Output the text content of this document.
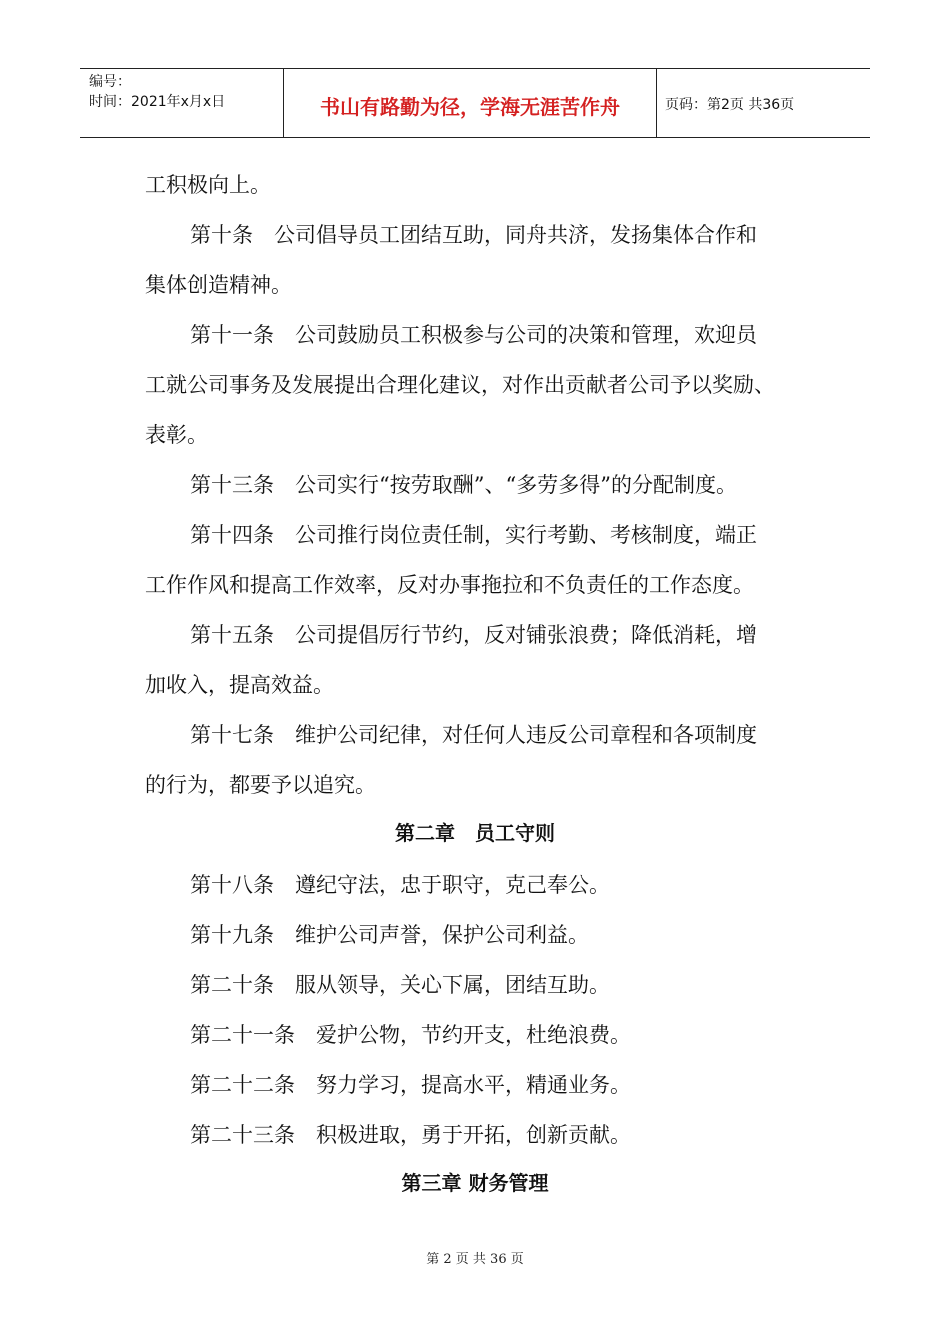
编号：
时间：2021年x月x日	书山有路勤为径，学海无涯苦作舟	页码：第2页 共36页
工积极向上。
第十条　公司倡导员工团结互助，同舟共济，发扬集体合作和
集体创造精神。
第十一条　公司鼓励员工积极参与公司的决策和管理，欢迎员
工就公司事务及发展提出合理化建议，对作出贡献者公司予以奖励、
表彰。
第十三条　公司实行“按劳取酬”、“多劳多得”的分配制度。
第十四条　公司推行岗位责任制，实行考勤、考核制度，端正
工作作风和提高工作效率，反对办事拖拉和不负责任的工作态度。
第十五条　公司提倡厉行节约，反对铺张浪费；降低消耗，增
加收入，提高效益。
第十七条　维护公司纪律，对任何人违反公司章程和各项制度
的行为，都要予以追究。
第二章　员工守则
第十八条　遵纪守法，忠于职守，克己奉公。
第十九条　维护公司声誉，保护公司利益。
第二十条　服从领导，关心下属，团结互助。
第二十一条　爱护公物，节约开支，杜绝浪费。
第二十二条　努力学习，提高水平，精通业务。
第二十三条　积极进取，勇于开拓，创新贡献。
第三章 财务管理
第 2 页 共 36 页
